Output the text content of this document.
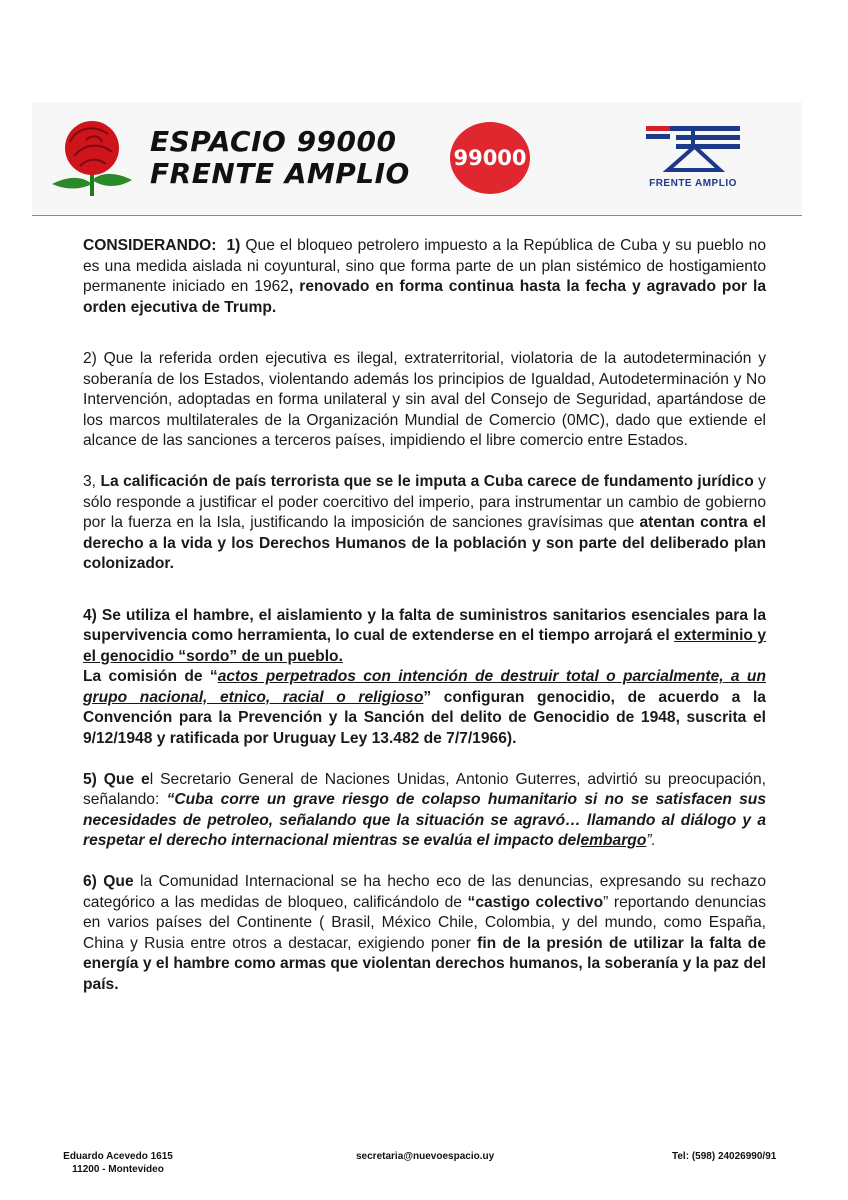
ESPACIO 99000
FRENTE AMPLIO 99000
FRENTE AMPLIO

CONSIDERANDO: 1) Que el bloqueo petrolero impuesto a la República de Cuba y su pueblo no es una medida aislada ni coyuntural, sino que forma parte de un plan sistémico de hostigamiento permanente iniciado en 1962, renovado en forma continua hasta la fecha y agravado por la orden ejecutiva de Trump.

2) Que la referida orden ejecutiva es ilegal, extraterritorial, violatoria de la autodeterminación y soberanía de los Estados, violentando además los principios de Igualdad, Autodeterminación y No Intervención, adoptadas en forma unilateral y sin aval del Consejo de Seguridad, apartándose de los marcos multilaterales de la Organización Mundial de Comercio (0MC), dado que extiende el alcance de las sanciones a terceros países, impidiendo el libre comercio entre Estados.

3, La calificación de país terrorista que se le imputa a Cuba carece de fundamento jurídico y sólo responde a justificar el poder coercitivo del imperio, para instrumentar un cambio de gobierno por la fuerza en la Isla, justificando la imposición de sanciones gravísimas que atentan contra el derecho a la vida y los Derechos Humanos de la población y son parte del deliberado plan colonizador.

4) Se utiliza el hambre, el aislamiento y la falta de suministros sanitarios esenciales para la supervivencia como herramienta, lo cual de extenderse en el tiempo arrojará el exterminio y el genocidio “sordo” de un pueblo.

La comisión de “actos perpetrados con intención de destruir total o parcialmente, a un grupo nacional, etnico, racial o religioso” configuran genocidio, de acuerdo a la Convención para la Prevención y la Sanción del delito de Genocidio de 1948, suscrita el 9/12/1948 y ratificada por Uruguay Ley 13.482 de 7/7/1966).

5) Que el Secretario General de Naciones Unidas, Antonio Guterres, advirtió su preocupación, señalando: “Cuba corre un grave riesgo de colapso humanitario si no se satisfacen sus necesidades de petroleo, señalando que la situación se agravó… llamando al diálogo y a respetar el derecho internacional mientras se evalúa el impacto delembargo”.

6) Que la Comunidad Internacional se ha hecho eco de las denuncias, expresando su rechazo categórico a las medidas de bloqueo, calificándolo de “castigo colectivo” reportando denuncias en varios países del Continente ( Brasil, México Chile, Colombia, y del mundo, como España, China y Rusia entre otros a destacar, exigiendo poner fin de la presión de utilizar la falta de energía y el hambre como armas que violentan derechos humanos, la soberanía y la paz del país.

Eduardo Acevedo 1615
11200 - Montevideo
secretaria@nuevoespacio.uy	Tel: (598) 24026990/91
